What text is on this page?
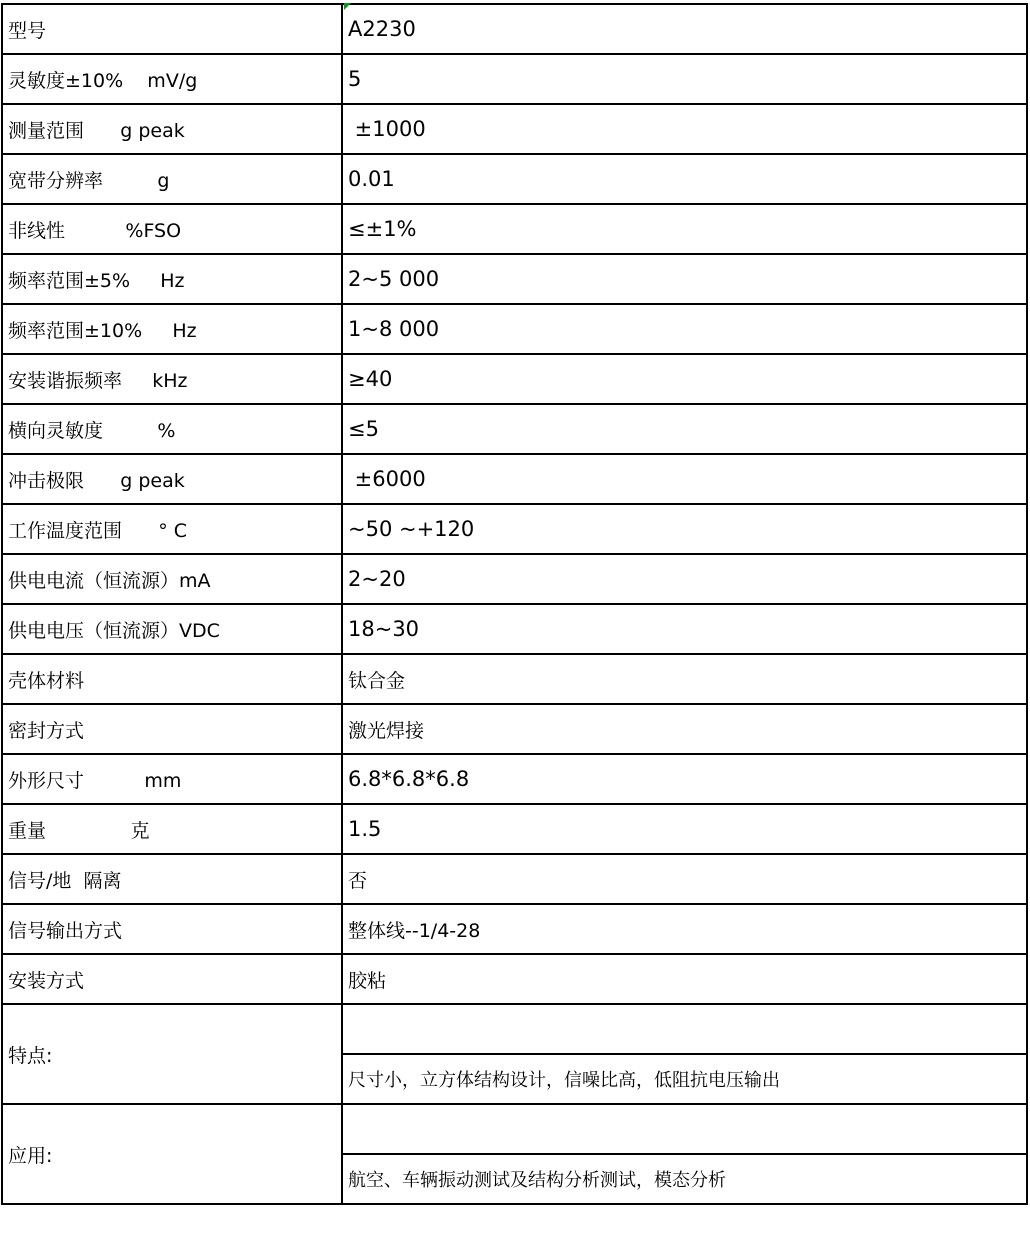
型号	A2230
灵敏度±10%    mV/g	5
测量范围      g peak	±1000
宽带分辨率         g	0.01
非线性          %FSO	≤±1%
频率范围±5%     Hz	2~5 000
频率范围±10%     Hz	1~8 000
安装谐振频率     kHz	≥40
横向灵敏度         %	≤5
冲击极限      g peak	±6000
工作温度范围      ° C	~50 ~+120
供电电流（恒流源）mA	2~20
供电电压（恒流源）VDC	18~30
壳体材料	钛合金
密封方式	激光焊接
外形尺寸          mm	6.8*6.8*6.8
重量              克	1.5
信号/地  隔离	否
信号输出方式	整体线--1/4-28
安装方式	胶粘
特点:	
	尺寸小，立方体结构设计，信噪比高，低阻抗电压输出
应用:	
	航空、车辆振动测试及结构分析测试，模态分析
